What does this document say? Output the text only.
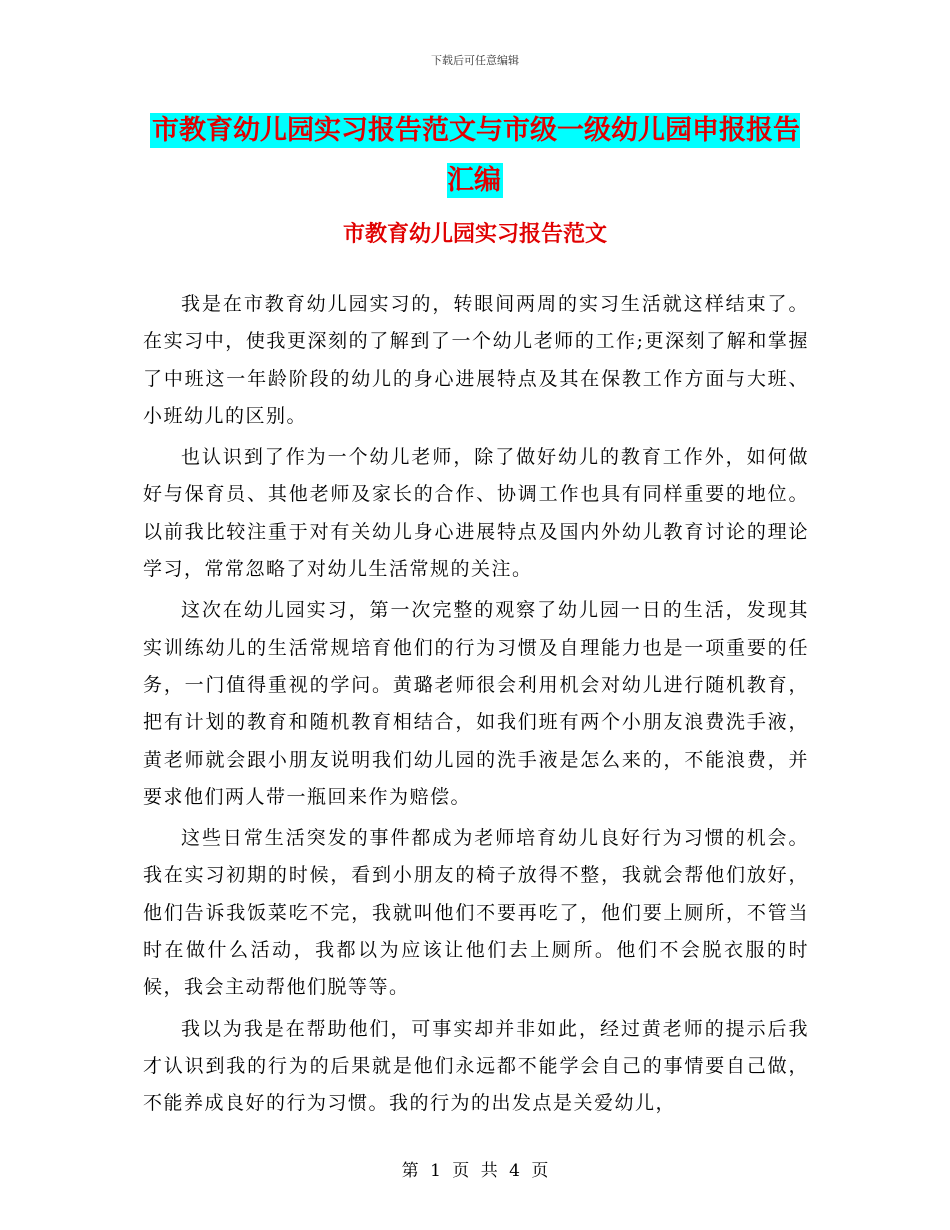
下载后可任意编辑
市教育幼儿园实习报告范文与市级一级幼儿园申报报告汇编
市教育幼儿园实习报告范文

我是在市教育幼儿园实习的，转眼间两周的实习生活就这样结束了。在实习中，使我更深刻的了解到了一个幼儿老师的工作;更深刻了解和掌握了中班这一年龄阶段的幼儿的身心进展特点及其在保教工作方面与大班、小班幼儿的区别。

也认识到了作为一个幼儿老师，除了做好幼儿的教育工作外，如何做好与保育员、其他老师及家长的合作、协调工作也具有同样重要的地位。 以前我比较注重于对有关幼儿身心进展特点及国内外幼儿教育讨论的理论学习，常常忽略了对幼儿生活常规的关注。

这次在幼儿园实习，第一次完整的观察了幼儿园一日的生活，发现其实训练幼儿的生活常规培育他们的行为习惯及自理能力也是一项重要的任务，一门值得重视的学问。黄璐老师很会利用机会对幼儿进行随机教育，把有计划的教育和随机教育相结合，如我们班有两个小朋友浪费洗手液，黄老师就会跟小朋友说明我们幼儿园的洗手液是怎么来的，不能浪费，并要求他们两人带一瓶回来作为赔偿。

这些日常生活突发的事件都成为老师培育幼儿良好行为习惯的机会。 我在实习初期的时候，看到小朋友的椅子放得不整，我就会帮他们放好，他们告诉我饭菜吃不完，我就叫他们不要再吃了，他们要上厕所，不管当时在做什么活动，我都以为应该让他们去上厕所。他们不会脱衣服的时候，我会主动帮他们脱等等。

我以为我是在帮助他们，可事实却并非如此，经过黄老师的提示后我才认识到我的行为的后果就是他们永远都不能学会自己的事情要自己做，不能养成良好的行为习惯。我的行为的出发点是关爱幼儿，

第 1 页 共 4 页
